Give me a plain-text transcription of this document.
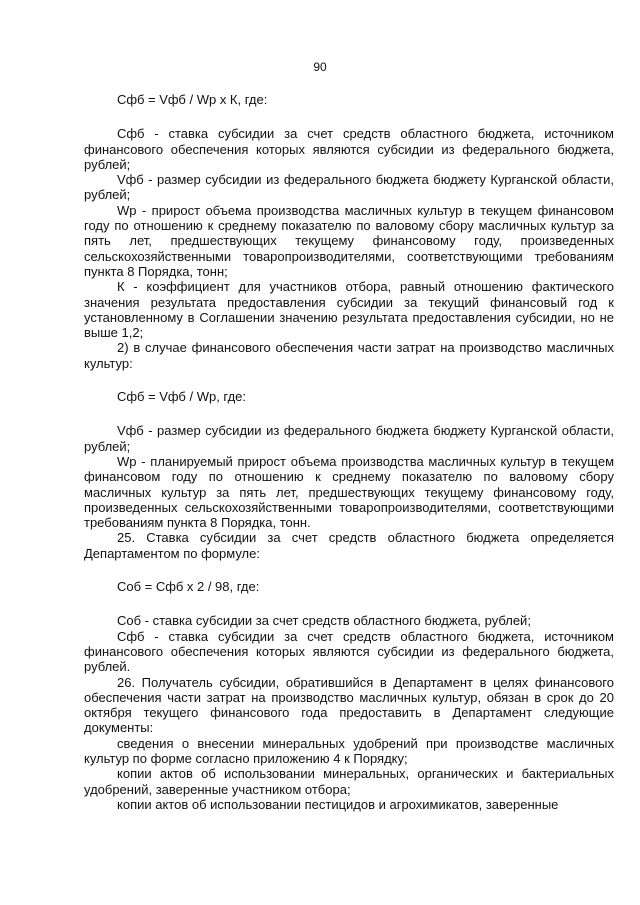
90

Сфб = Vфб / Wр x К, где:

Сфб - ставка субсидии за счет средств областного бюджета, источником финансового обеспечения которых являются субсидии из федерального бюджета, рублей;

Vфб - размер субсидии из федерального бюджета бюджету Курганской области, рублей;

Wр - прирост объема производства масличных культур в текущем финансовом году по отношению к среднему показателю по валовому сбору масличных культур за пять лет, предшествующих текущему финансовому году, произведенных сельскохозяйственными товаропроизводителями, соответствующими требованиям пункта 8 Порядка, тонн;

К - коэффициент для участников отбора, равный отношению фактического значения результата предоставления субсидии за текущий финансовый год к установленному в Соглашении значению результата предоставления субсидии, но не выше 1,2;

2) в случае финансового обеспечения части затрат на производство масличных культур:

Сфб = Vфб / Wр, где:

Vфб - размер субсидии из федерального бюджета бюджету Курганской области, рублей;

Wр - планируемый прирост объема производства масличных культур в текущем финансовом году по отношению к среднему показателю по валовому сбору масличных культур за пять лет, предшествующих текущему финансовому году, произведенных сельскохозяйственными товаропроизводителями, соответствующими требованиям пункта 8 Порядка, тонн.

25. Ставка субсидии за счет средств областного бюджета определяется Департаментом по формуле:

Соб = Сфб x 2 / 98, где:

Соб - ставка субсидии за счет средств областного бюджета, рублей;

Сфб - ставка субсидии за счет средств областного бюджета, источником финансового обеспечения которых являются субсидии из федерального бюджета, рублей.

26. Получатель субсидии, обратившийся в Департамент в целях финансового обеспечения части затрат на производство масличных культур, обязан в срок до 20 октября текущего финансового года предоставить в Департамент следующие документы:

сведения о внесении минеральных удобрений при производстве масличных культур по форме согласно приложению 4 к Порядку;

копии актов об использовании минеральных, органических и бактериальных удобрений, заверенные участником отбора;

копии актов об использовании пестицидов и агрохимикатов, заверенные
